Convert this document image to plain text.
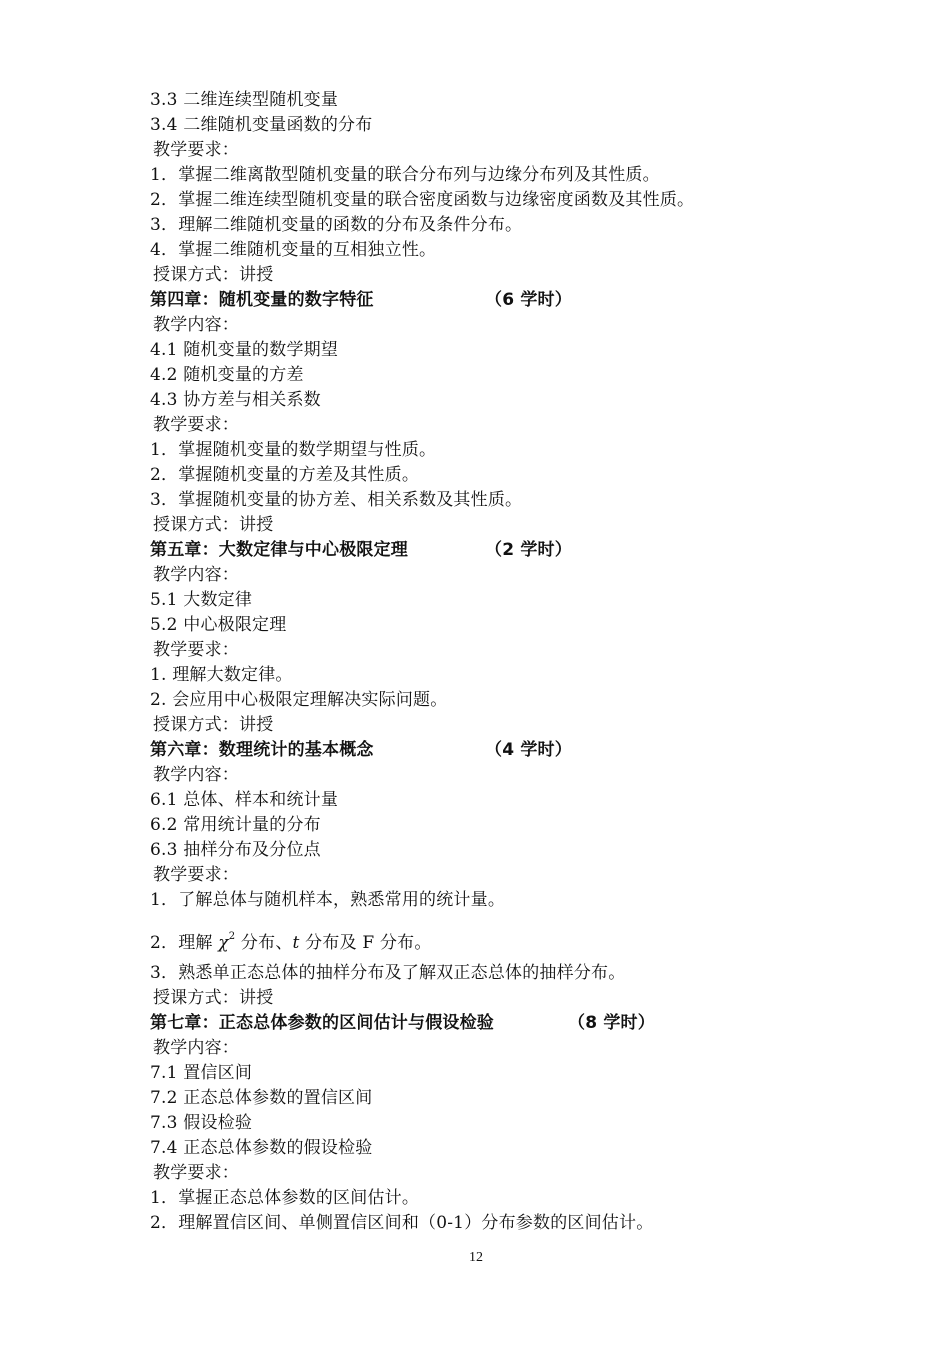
3.3 二维连续型随机变量
3.4 二维随机变量函数的分布
教学要求：
1．掌握二维离散型随机变量的联合分布列与边缘分布列及其性质。
2．掌握二维连续型随机变量的联合密度函数与边缘密度函数及其性质。
3．理解二维随机变量的函数的分布及条件分布。
4．掌握二维随机变量的互相独立性。
授课方式：讲授
第四章：随机变量的数字特征	（6 学时）
教学内容：
4.1 随机变量的数学期望
4.2 随机变量的方差
4.3 协方差与相关系数
教学要求：
1．掌握随机变量的数学期望与性质。
2．掌握随机变量的方差及其性质。
3．掌握随机变量的协方差、相关系数及其性质。
授课方式：讲授
第五章：大数定律与中心极限定理	（2 学时）
教学内容：
5.1 大数定律
5.2 中心极限定理
教学要求：
1. 理解大数定律。
2. 会应用中心极限定理解决实际问题。
授课方式：讲授
第六章：数理统计的基本概念	（4 学时）
教学内容：
6.1 总体、样本和统计量
6.2 常用统计量的分布
6.3 抽样分布及分位点
教学要求：
1．了解总体与随机样本，熟悉常用的统计量。
2．理解 $\chi^2$ 分布、t 分布及 F 分布。
3．熟悉单正态总体的抽样分布及了解双正态总体的抽样分布。
授课方式：讲授
第七章：正态总体参数的区间估计与假设检验	（8 学时）
教学内容：
7.1 置信区间
7.2 正态总体参数的置信区间
7.3 假设检验
7.4 正态总体参数的假设检验
教学要求：
1．掌握正态总体参数的区间估计。
2．理解置信区间、单侧置信区间和（0-1）分布参数的区间估计。
12
